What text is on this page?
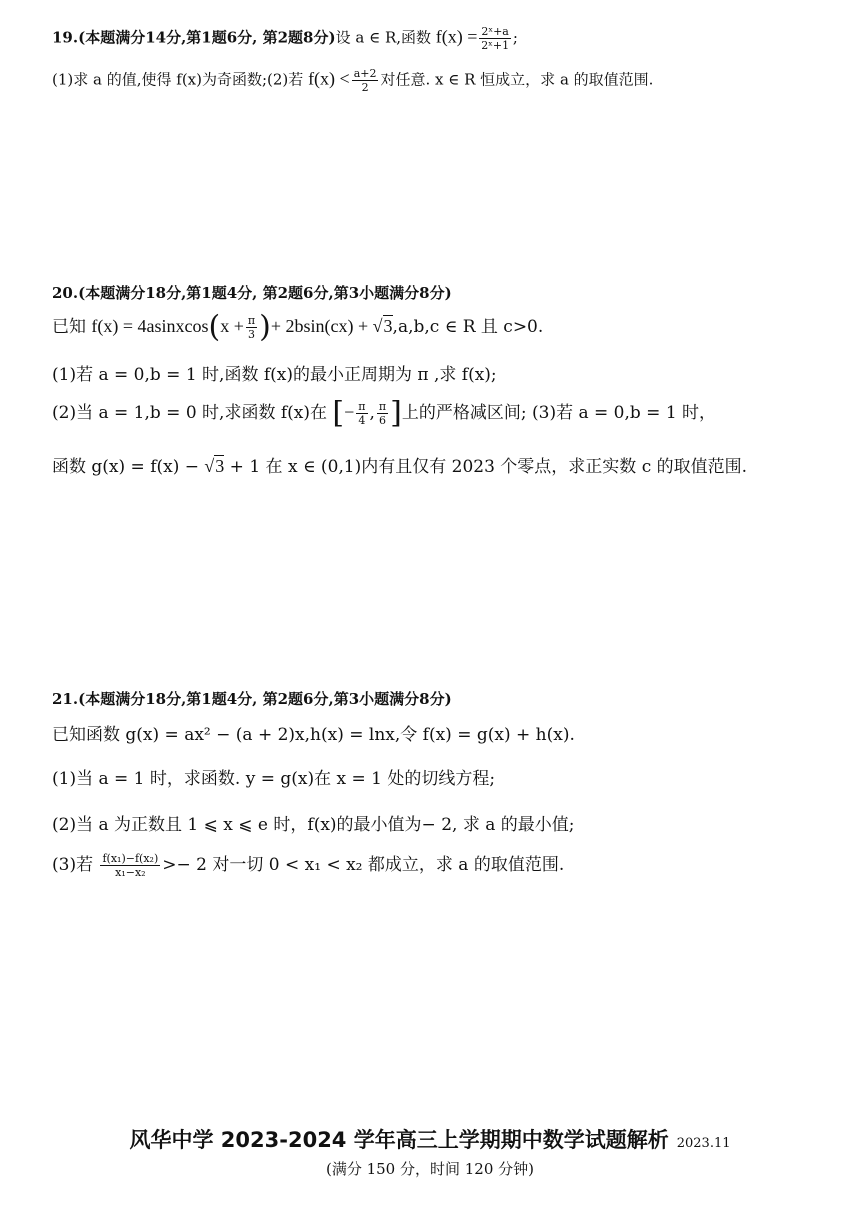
19.(本题满分14分,第1题6分, 第2题8分)设 a ∈ R,函数 $f(x) = \frac{\text{2ˣ+a}}{\text{2ˣ+1}}$ ;
(1)求 a 的值,使得 f(x)为奇函数;(2)若 $f(x) < \frac{a+2}{2}$ 对任意. x ∈ R 恒成立，求 a 的取值范围.
20.(本题满分18分,第1题4分, 第2题6分,第3小题满分8分)
已知 f(x) = 4asinxcos(x + $\frac{\pi}{3}$ )+ 2bsin(cx) + √3,a,b,c ∈ R 且 c>0.
(1)若 a = 0,b = 1 时,函数 f(x)的最小正周期为 π ,求 f(x);
(2)当 a = 1,b = 0 时,求函数 f(x)在 [− $\frac{\pi}{4}$ , $\frac{\pi}{6}$ ]上的严格减区间; (3)若 a = 0,b = 1 时，
函数 g(x) = f(x) − √3 + 1 在 x ∈ (0‚1)内有且仅有 2023 个零点，求正实数 c 的取值范围.
21.(本题满分18分,第1题4分, 第2题6分,第3小题满分8分)
已知函数 g(x) = ax² − (a + 2)x,h(x) = lnx,令 f(x) = g(x) + h(x).
(1)当 a = 1 时，求函数. y = g(x)在 x = 1 处的切线方程;
(2)当 a 为正数且 1 ⩽ x ⩽ e 时，f(x)的最小值为− 2, 求 a 的最小值;
(3)若 $\frac{\text{f(x₁)−f(x₂)}}{\text{x₁−x₂}} >- 2$ 对一切 0 < x₁ < x₂ 都成立，求 a 的取值范围.
风华中学 2023-2024 学年高三上学期期中数学试题解析 2023.11
(满分 150 分，时间 120 分钟)
